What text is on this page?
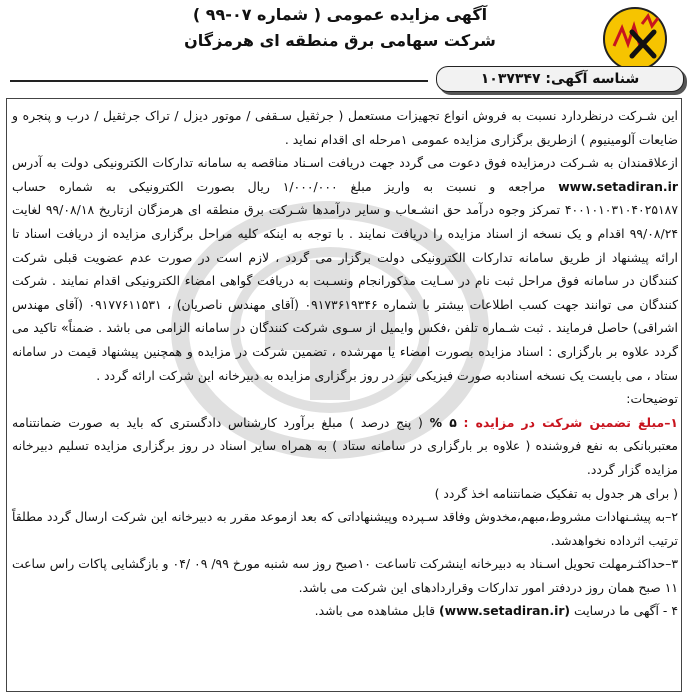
آگهی مزایده عمومی ( شماره ۰۷-۹۹ )
شرکت سهامی برق منطقه ای هرمزگان
شناسه آگهی: ۱۰۳۷۳۴۷

این شـرکت درنظردارد نسبت به فروش انواع تجهیزات مستعمل ( جرثقیل سـقفی / موتور دیزل / تراک جرثقیل / درب و پنجره و ضایعات آلومینیوم ) ازطریق برگزاری مزایده عمومی ۱مرحله ای اقدام نماید .

ازعلاقمندان به شـرکت درمزایده فوق دعوت می گردد جهت دریافت اسـناد مناقصه به سامانه تدارکات الکترونیکی دولت به آدرس www.setadiran.ir مراجعه و نسبت به واریز مبلغ ۱/۰۰۰/۰۰۰ ریال بصورت الکترونیکی به شماره حساب ۴۰۰۱۰۱۰۳۱۰۴۰۲۵۱۸۷ تمرکز وجوه درآمد حق انشـعاب و سایر درآمدها شـرکت برق منطقه ای هرمزگان ازتاریخ ۹۹/۰۸/۱۸ لغایت ۹۹/۰۸/۲۴ اقدام و یک نسخه از اسناد مزایده را دریافت نمایند . با توجه به اینکه کلیه مراحل برگزاری مزایده از دریافت اسناد تا ارائه پیشنهاد از طریق سامانه تدارکات الکترونیکی دولت برگزار می گردد ، لازم است در صورت عدم عضویت قبلی شرکت کنندگان در سامانه فوق مراحل ثبت نام در سـایت مذکورانجام ونسـبت به دریافت گواهی امضاء الکترونیکی اقدام نمایند . شرکت کنندگان می توانند جهت کسب اطلاعات بیشتر با شماره ۰۹۱۷۳۶۱۹۳۴۶ (آقای مهندس ناصریان) ، ۰۹۱۷۷۶۱۱۵۳۱ (آقای مهندس اشراقی) حاصل فرمایند . ثبت شـماره تلفن ،فکس وایمیل از سـوی شرکت کنندگان در سامانه الزامی می باشد . ضمناً» تاکید می گردد علاوه بر بارگزاری : اسناد مزایده بصورت امضاء یا مهرشده ، تضمین شرکت در مزایده و همچنین پیشنهاد قیمت در سامانه ستاد ، می بایست یک نسخه اسنادبه صورت فیزیکی نیز در روز برگزاری مزایده به دبیرخانه این شرکت ارائه گردد .

توضیحات:

۱–مبلغ تضمین شرکت در مزایده : ۵ % ( پنج درصد ) مبلغ برآورد کارشناس دادگستری که باید به صورت ضمانتنامه معتبربانکی به نفع فروشنده ( علاوه بر بارگزاری در سامانه ستاد ) به همراه سایر اسناد در روز برگزاری مزایده تسلیم دبیرخانه مزایده گزار گردد.

( برای هر جدول به تفکیک ضمانتنامه اخذ گردد )

۲–به پیشـنهادات مشروط،مبهم،مخدوش وفاقد سـپرده وپیشنهاداتی که بعد ازموعد مقرر به دبیرخانه این شرکت ارسال گردد مطلقاً ترتیب اثرداده نخواهدشد.

۳–حداکثـرمهلت تحویل اسـناد به دبیرخانه اینشرکت تاساعت ۱۰صبح روز سه شنبه مورخ ۹۹/ ۰۹ /۰۴ و بازگشایی پاکات راس ساعت ۱۱ صبح همان روز دردفتر امور تدارکات وقراردادهای این شرکت می باشد.

۴ - آگهی ما درسایت (www.setadiran.ir) قابل مشاهده می باشد.
